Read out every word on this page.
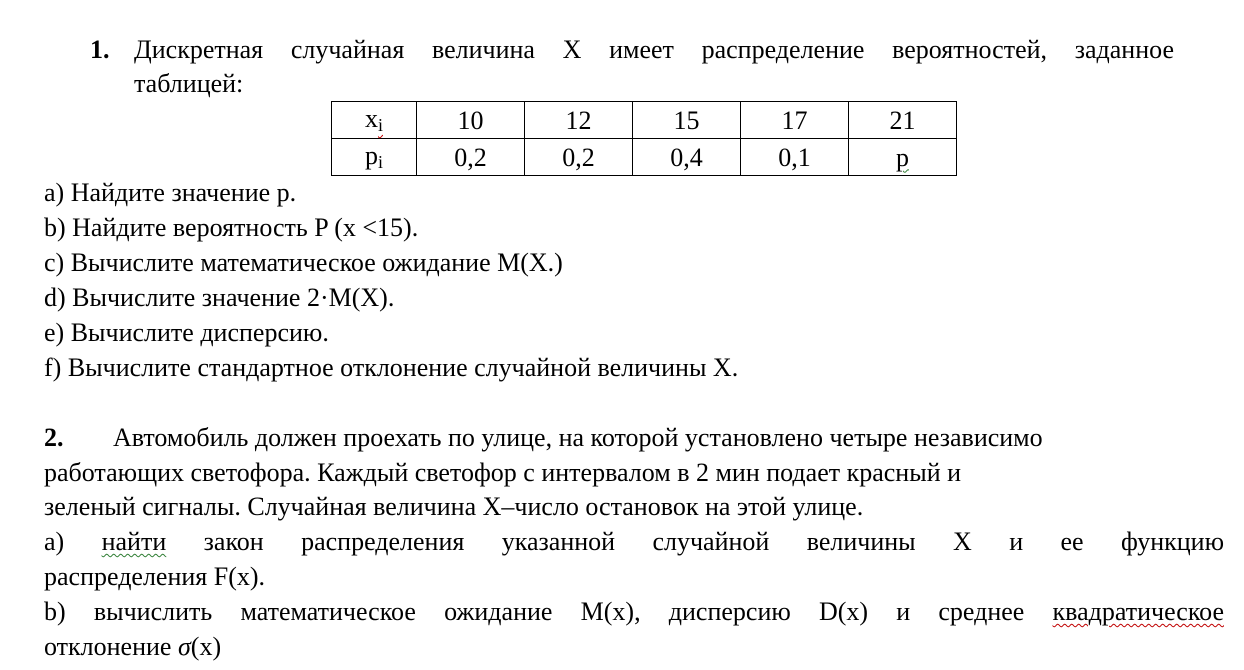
1. Дискретная случайная величина X имеет распределение вероятностей, заданное
таблицей:
xi	10	12	15	17	21
pi	0,2	0,2	0,4	0,1	p
a) Найдите значение p.
b) Найдите вероятность P (x <15).
c) Вычислите математическое ожидание M(X.)
d) Вычислите значение 2·M(X).
e) Вычислите дисперсию.
f) Вычислите стандартное отклонение случайной величины X.
2. Автомобиль должен проехать по улице, на которой установлено четыре независимо
работающих светофора. Каждый светофор с интервалом в 2 мин подает красный и
зеленый сигналы. Случайная величина X–число остановок на этой улице.
a) найти закон распределения указанной случайной величины X и ее функцию
распределения F(x).
b) вычислить математическое ожидание M(x), дисперсию D(x) и среднее квадратическое
отклонение σ(x)
